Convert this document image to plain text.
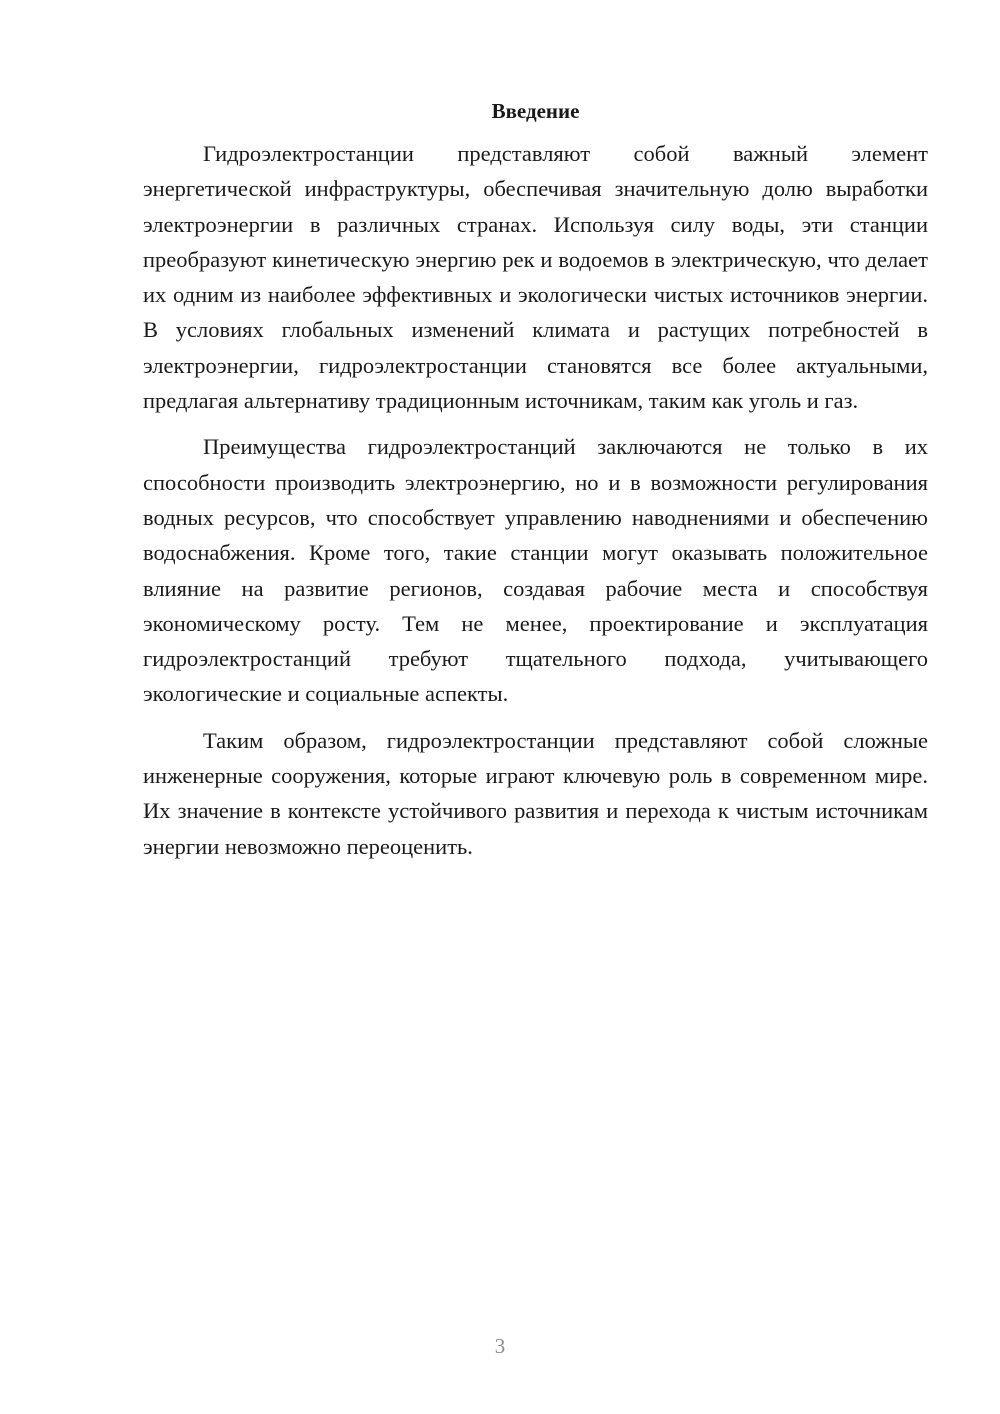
Введение

Гидроэлектростанции представляют собой важный элемент энергетической инфраструктуры, обеспечивая значительную долю выработки электроэнергии в различных странах. Используя силу воды, эти станции преобразуют кинетическую энергию рек и водоемов в электрическую, что делает их одним из наиболее эффективных и экологически чистых источников энергии. В условиях глобальных изменений климата и растущих потребностей в электроэнергии, гидроэлектростанции становятся все более актуальными, предлагая альтернативу традиционным источникам, таким как уголь и газ.

Преимущества гидроэлектростанций заключаются не только в их способности производить электроэнергию, но и в возможности регулирования водных ресурсов, что способствует управлению наводнениями и обеспечению водоснабжения. Кроме того, такие станции могут оказывать положительное влияние на развитие регионов, создавая рабочие места и способствуя экономическому росту. Тем не менее, проектирование и эксплуатация гидроэлектростанций требуют тщательного подхода, учитывающего экологические и социальные аспекты.

Таким образом, гидроэлектростанции представляют собой сложные инженерные сооружения, которые играют ключевую роль в современном мире. Их значение в контексте устойчивого развития и перехода к чистым источникам энергии невозможно переоценить.

3
